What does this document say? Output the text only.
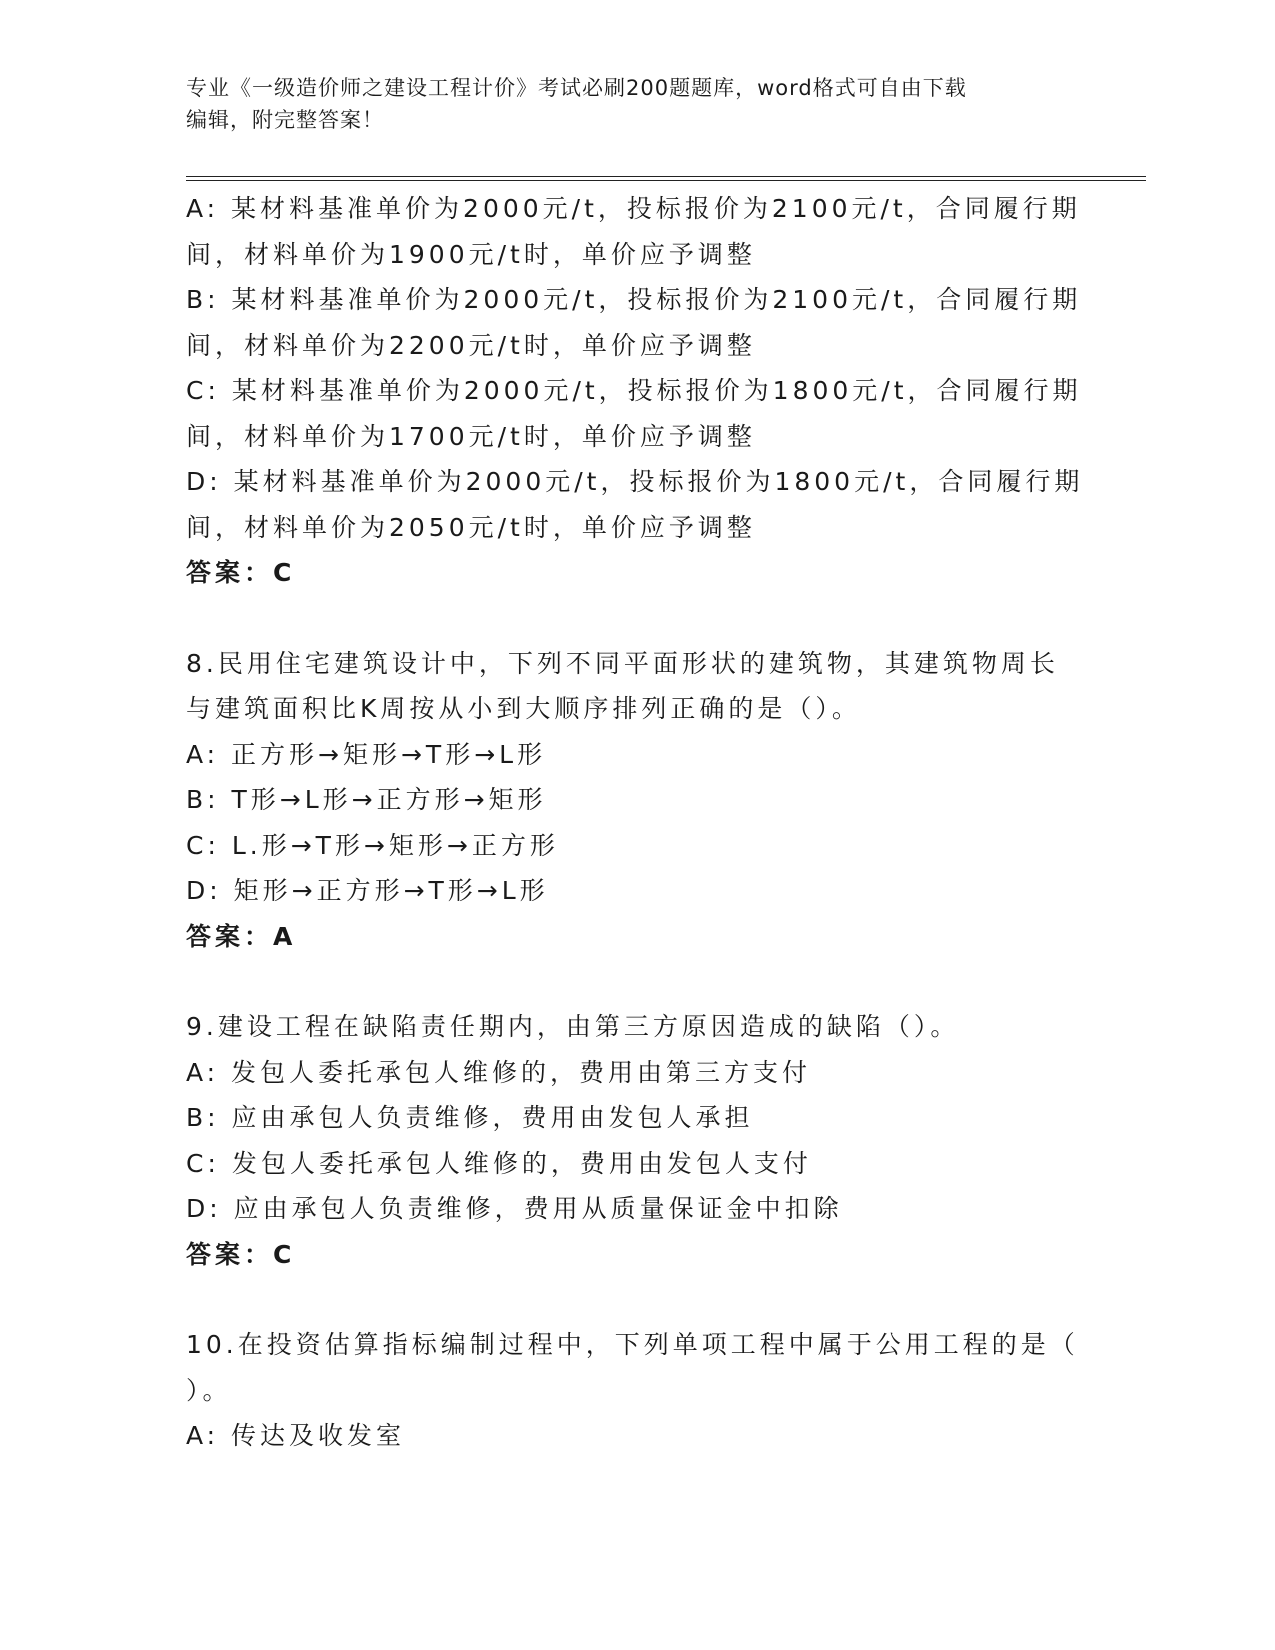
专业《一级造价师之建设工程计价》考试必刷200题题库，word格式可自由下载

编辑，附完整答案！

A: 某材料基准单价为2000元/t，投标报价为2100元/t，合同履行期

间，材料单价为1900元/t时，单价应予调整

B: 某材料基准单价为2000元/t，投标报价为2100元/t，合同履行期

间，材料单价为2200元/t时，单价应予调整

C: 某材料基准单价为2000元/t，投标报价为1800元/t，合同履行期

间，材料单价为1700元/t时，单价应予调整

D: 某材料基准单价为2000元/t，投标报价为1800元/t，合同履行期

间，材料单价为2050元/t时，单价应予调整

答案：C

8.民用住宅建筑设计中，下列不同平面形状的建筑物，其建筑物周长

与建筑面积比K周按从小到大顺序排列正确的是（）。

A: 正方形→矩形→T形→L形

B: T形→L形→正方形→矩形

C: L.形→T形→矩形→正方形

D: 矩形→正方形→T形→L形

答案：A

9.建设工程在缺陷责任期内，由第三方原因造成的缺陷（）。

A: 发包人委托承包人维修的，费用由第三方支付

B: 应由承包人负责维修，费用由发包人承担

C: 发包人委托承包人维修的，费用由发包人支付

D: 应由承包人负责维修，费用从质量保证金中扣除

答案：C

10.在投资估算指标编制过程中，下列单项工程中属于公用工程的是（

）。

A: 传达及收发室
